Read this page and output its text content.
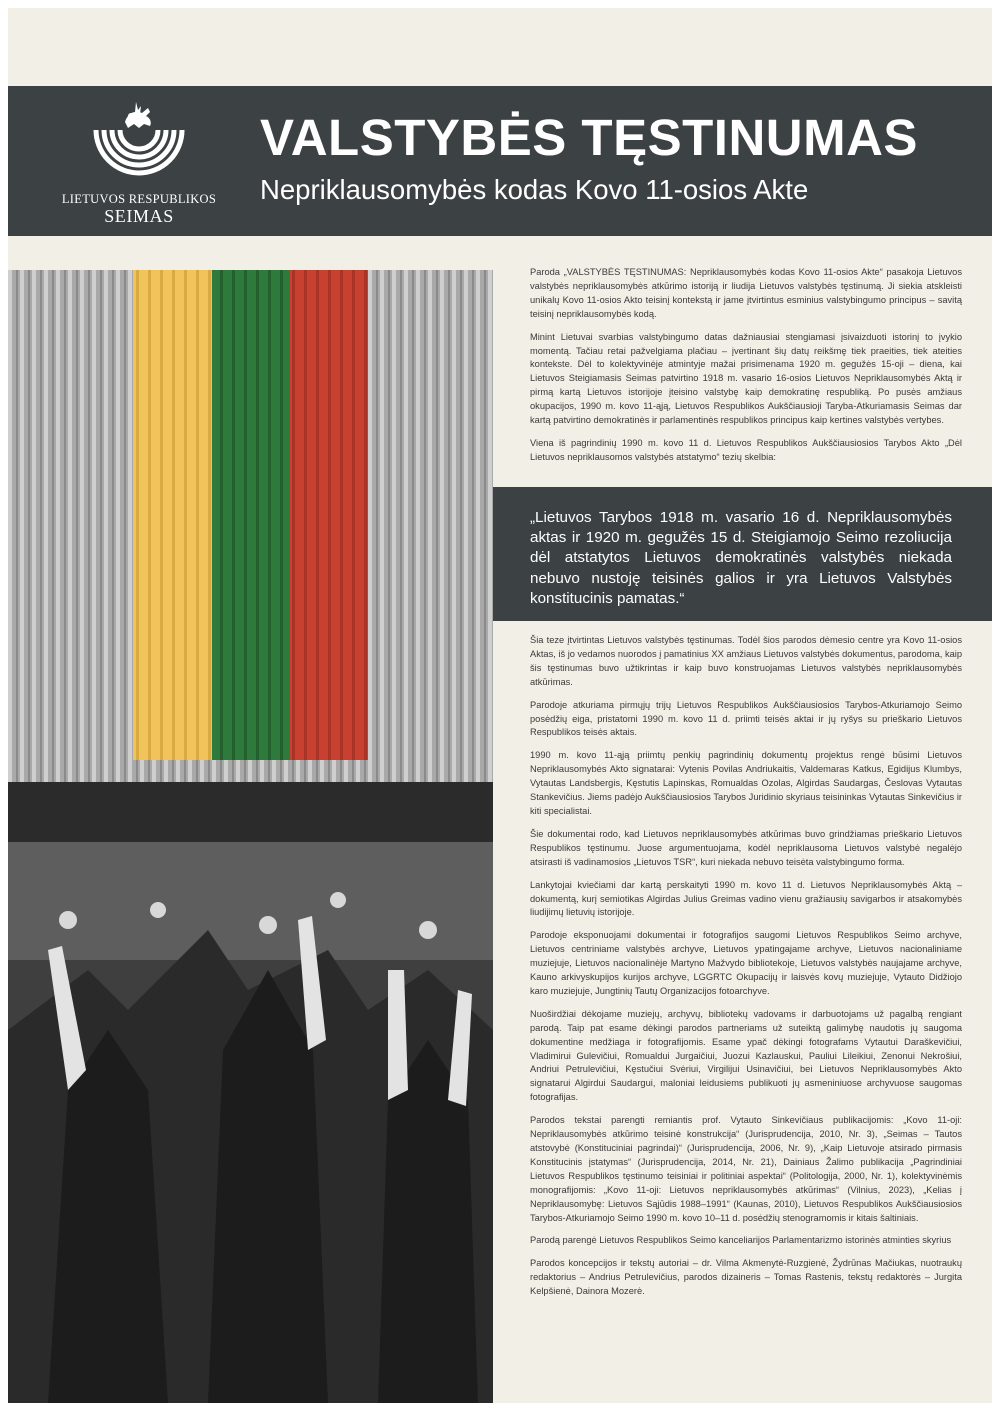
LIETUVOS RESPUBLIKOS
SEIMAS
VALSTYBĖS TĘSTINUMAS
Nepriklausomybės kodas Kovo 11-osios Akte

Paroda „VALSTYBĖS TĘSTINUMAS: Nepriklausomybės kodas Kovo 11-osios Akte“ pasakoja Lietuvos valstybės nepriklausomybės atkūrimo istoriją ir liudija Lietuvos valstybės tęstinumą. Ji siekia atskleisti unikalų Kovo 11-osios Akto teisinį kontekstą ir jame įtvirtintus esminius valstybingumo principus – savitą teisinį nepriklausomybės kodą.

Minint Lietuvai svarbias valstybingumo datas dažniausiai stengiamasi įsivaizduoti istorinį to įvykio momentą. Tačiau retai pažvelgiama plačiau – įvertinant šių datų reikšmę tiek praeities, tiek ateities kontekste. Dėl to kolektyvinėje atmintyje mažai prisimenama 1920 m. gegužės 15-oji – diena, kai Lietuvos Steigiamasis Seimas patvirtino 1918 m. vasario 16-osios Lietuvos Nepriklausomybės Aktą ir pirmą kartą Lietuvos istorijoje įteisino valstybę kaip demokratinę respubliką. Po pusės amžiaus okupacijos, 1990 m. kovo 11-ąją, Lietuvos Respublikos Aukščiausioji Taryba-Atkuriamasis Seimas dar kartą patvirtino demokratinės ir parlamentinės respublikos principus kaip kertines valstybės vertybes.

Viena iš pagrindinių 1990 m. kovo 11 d. Lietuvos Respublikos Aukščiausiosios Tarybos Akto „Dėl Lietuvos nepriklausomos valstybės atstatymo“ tezių skelbia:

„Lietuvos Tarybos 1918 m. vasario 16 d. Nepriklausomybės aktas ir 1920 m. gegužės 15 d. Steigiamojo Seimo rezoliucija dėl atstatytos Lietuvos demokratinės valstybės niekada nebuvo nustoję teisinės galios ir yra Lietuvos Valstybės konstitucinis pamatas.“

Šia teze įtvirtintas Lietuvos valstybės tęstinumas. Todėl šios parodos dėmesio centre yra Kovo 11-osios Aktas, iš jo vedamos nuorodos į pamatinius XX amžiaus Lietuvos valstybės dokumentus, parodoma, kaip šis tęstinumas buvo užtikrintas ir kaip buvo konstruojamas Lietuvos valstybės nepriklausomybės atkūrimas.

Parodoje atkuriama pirmųjų trijų Lietuvos Respublikos Aukščiausiosios Tarybos-Atkuriamojo Seimo posėdžių eiga, pristatomi 1990 m. kovo 11 d. priimti teisės aktai ir jų ryšys su prieškario Lietuvos Respublikos teisės aktais.

1990 m. kovo 11-ąją priimtų penkių pagrindinių dokumentų projektus rengė būsimi Lietuvos Nepriklausomybės Akto signatarai: Vytenis Povilas Andriukaitis, Valdemaras Katkus, Egidijus Klumbys, Vytautas Landsbergis, Kęstutis Lapinskas, Romualdas Ozolas, Algirdas Saudargas, Česlovas Vytautas Stankevičius. Jiems padėjo Aukščiausiosios Tarybos Juridinio skyriaus teisininkas Vytautas Sinkevičius ir kiti specialistai.

Šie dokumentai rodo, kad Lietuvos nepriklausomybės atkūrimas buvo grindžiamas prieškario Lietuvos Respublikos tęstinumu. Juose argumentuojama, kodėl nepriklausoma Lietuvos valstybė negalėjo atsirasti iš vadinamosios „Lietuvos TSR“, kuri niekada nebuvo teisėta valstybingumo forma.

Lankytojai kviečiami dar kartą perskaityti 1990 m. kovo 11 d. Lietuvos Nepriklausomybės Aktą – dokumentą, kurį semiotikas Algirdas Julius Greimas vadino vienu gražiausių savigarbos ir atsakomybės liudijimų lietuvių istorijoje.

Parodoje eksponuojami dokumentai ir fotografijos saugomi Lietuvos Respublikos Seimo archyve, Lietuvos centriniame valstybės archyve, Lietuvos ypatingajame archyve, Lietuvos nacionaliniame muziejuje, Lietuvos nacionalinėje Martyno Mažvydo bibliotekoje, Lietuvos valstybės naujajame archyve, Kauno arkivyskupijos kurijos archyve, LGGRTC Okupacijų ir laisvės kovų muziejuje, Vytauto Didžiojo karo muziejuje, Jungtinių Tautų Organizacijos fotoarchyve.

Nuoširdžiai dėkojame muziejų, archyvų, bibliotekų vadovams ir darbuotojams už pagalbą rengiant parodą. Taip pat esame dėkingi parodos partneriams už suteiktą galimybę naudotis jų saugoma dokumentine medžiaga ir fotografijomis. Esame ypač dėkingi fotografams Vytautui Daraškevičiui, Vladimirui Gulevičiui, Romualdui Jurgaičiui, Juozui Kazlauskui, Pauliui Lileikiui, Zenonui Nekrošiui, Andriui Petrulevičiui, Kęstučiui Svėriui, Virgilijui Usinavičiui, bei Lietuvos Nepriklausomybės Akto signatarui Algirdui Saudargui, maloniai leidusiems publikuoti jų asmeniniuose archyvuose saugomas fotografijas.

Parodos tekstai parengti remiantis prof. Vytauto Sinkevičiaus publikacijomis: „Kovo 11-oji: Nepriklausomybės atkūrimo teisinė konstrukcija“ (Jurisprudencija, 2010, Nr. 3), „Seimas – Tautos atstovybė (Konstituciniai pagrindai)“ (Jurisprudencija, 2006, Nr. 9), „Kaip Lietuvoje atsirado pirmasis Konstitucinis įstatymas“ (Jurisprudencija, 2014, Nr. 21), Dainiaus Žalimo publikacija „Pagrindiniai Lietuvos Respublikos tęstinumo teisiniai ir politiniai aspektai“ (Politologija, 2000, Nr. 1), kolektyvinėmis monografijomis: „Kovo 11-oji: Lietuvos nepriklausomybės atkūrimas“ (Vilnius, 2023), „Kelias į Nepriklausomybę: Lietuvos Sąjūdis 1988–1991“ (Kaunas, 2010), Lietuvos Respublikos Aukščiausiosios Tarybos-Atkuriamojo Seimo 1990 m. kovo 10–11 d. posėdžių stenogramomis ir kitais šaltiniais.

Parodą parengė Lietuvos Respublikos Seimo kanceliarijos Parlamentarizmo istorinės atminties skyrius

Parodos koncepcijos ir tekstų autoriai – dr. Vilma Akmenytė-Ruzgienė, Žydrūnas Mačiukas, nuotraukų redaktorius – Andrius Petrulevičius, parodos dizaineris – Tomas Rastenis, tekstų redaktorės – Jurgita Kelpšienė, Dainora Mozerė.
